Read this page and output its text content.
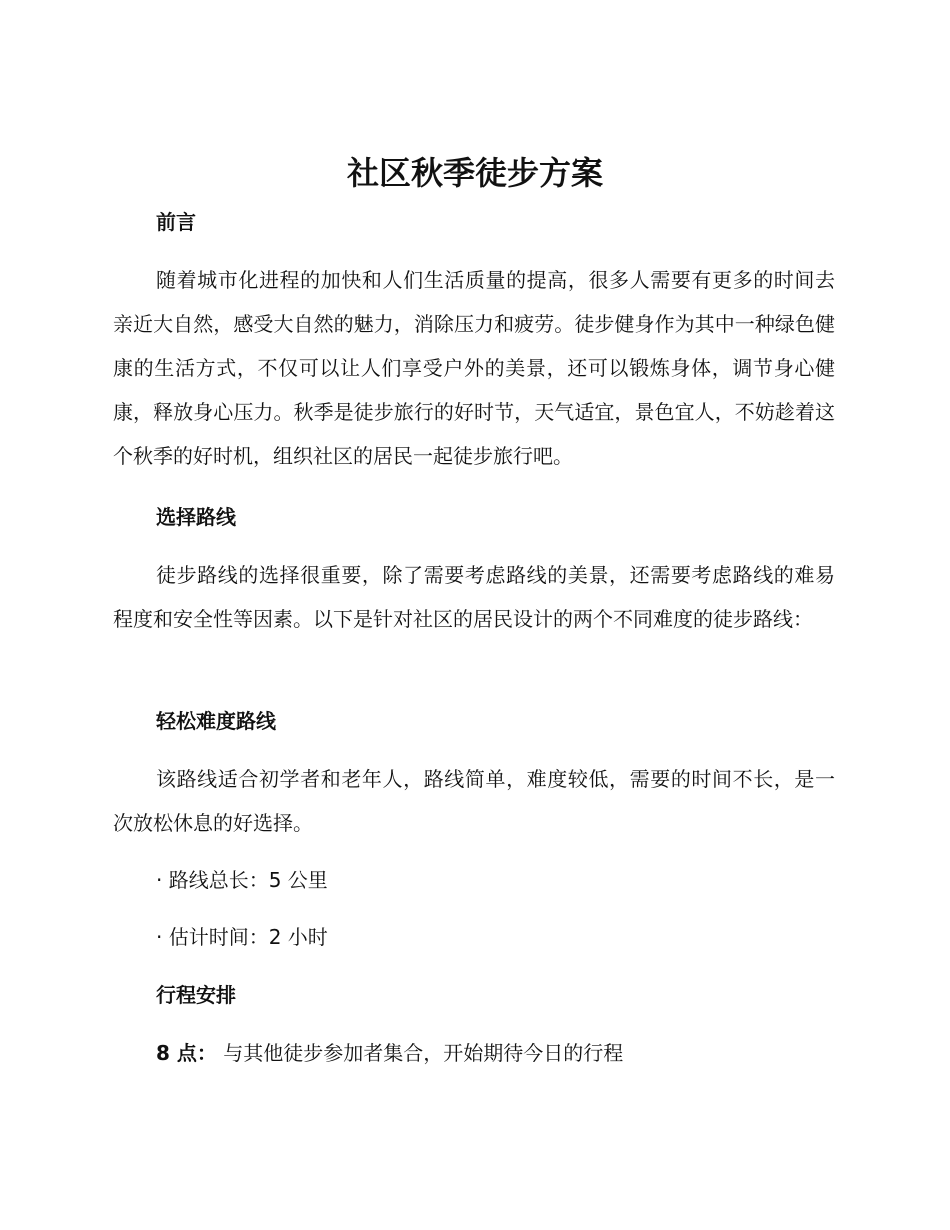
社区秋季徒步方案
前言

随着城市化进程的加快和人们生活质量的提高，很多人需要有更多的时间去亲近大自然，感受大自然的魅力，消除压力和疲劳。徒步健身作为其中一种绿色健康的生活方式，不仅可以让人们享受户外的美景，还可以锻炼身体，调节身心健康，释放身心压力。秋季是徒步旅行的好时节，天气适宜，景色宜人，不妨趁着这个秋季的好时机，组织社区的居民一起徒步旅行吧。

选择路线

徒步路线的选择很重要，除了需要考虑路线的美景，还需要考虑路线的难易程度和安全性等因素。以下是针对社区的居民设计的两个不同难度的徒步路线：

轻松难度路线

该路线适合初学者和老年人，路线简单，难度较低，需要的时间不长，是一次放松休息的好选择。

· 路线总长：5 公里

· 估计时间：2 小时

行程安排

8 点： 与其他徒步参加者集合，开始期待今日的行程
